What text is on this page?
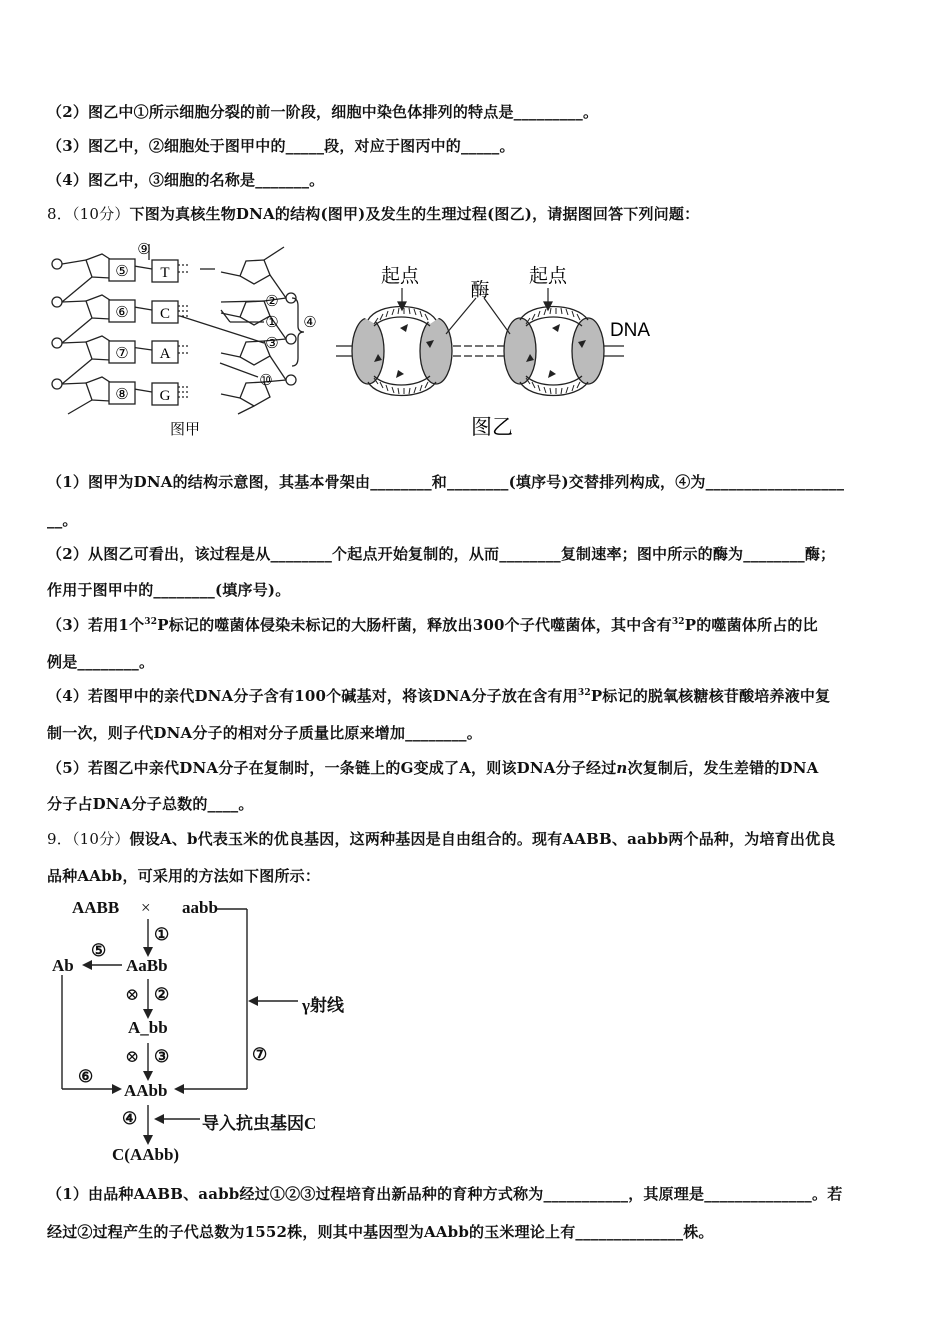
（2）图乙中①所示细胞分裂的前一阶段，细胞中染色体排列的特点是_________。
（3）图乙中，②细胞处于图甲中的_____段，对应于图丙中的_____。
（4）图乙中，③细胞的名称是_______。
8．（10分）下图为真核生物DNA的结构(图甲)及发生的生理过程(图乙)，请据图回答下列问题：
⑤
⑥
⑦
⑧
T
C
A
G
⑨
②
①
③
④
⑩
图甲
起点
酶
起点
DNA
图乙
（1）图甲为DNA的结构示意图，其基本骨架由________和________(填序号)交替排列构成，④为__________________
__。
（2）从图乙可看出，该过程是从________个起点开始复制的，从而________复制速率；图中所示的酶为________酶；
作用于图甲中的________(填序号)。
（3）若用1个$^{32}$P标记的噬菌体侵染未标记的大肠杆菌，释放出300个子代噬菌体，其中含有$^{32}$P的噬菌体所占的比
例是________。
（4）若图甲中的亲代DNA分子含有100个碱基对，将该DNA分子放在含有用$^{32}$P标记的脱氧核糖核苷酸培养液中复
制一次，则子代DNA分子的相对分子质量比原来增加________。
（5）若图乙中亲代DNA分子在复制时，一条链上的G变成了A，则该DNA分子经过n次复制后，发生差错的DNA
分子占DNA分子总数的____。
9．（10分）假设A、b代表玉米的优良基因，这两种基因是自由组合的。现有AABB、aabb两个品种，为培育出优良
品种AAbb，可采用的方法如下图所示：
AABB × aabb
①
⑤
Ab	AaBb
⊗ ②
γ射线
A_bb
⊗ ③	⑦
⑥
AAbb
④	导入抗虫基因C
C(AAbb)
（1）由品种AABB、aabb经过①②③过程培育出新品种的育种方式称为___________，其原理是______________。若
经过②过程产生的子代总数为1552株，则其中基因型为AAbb的玉米理论上有______________株。
